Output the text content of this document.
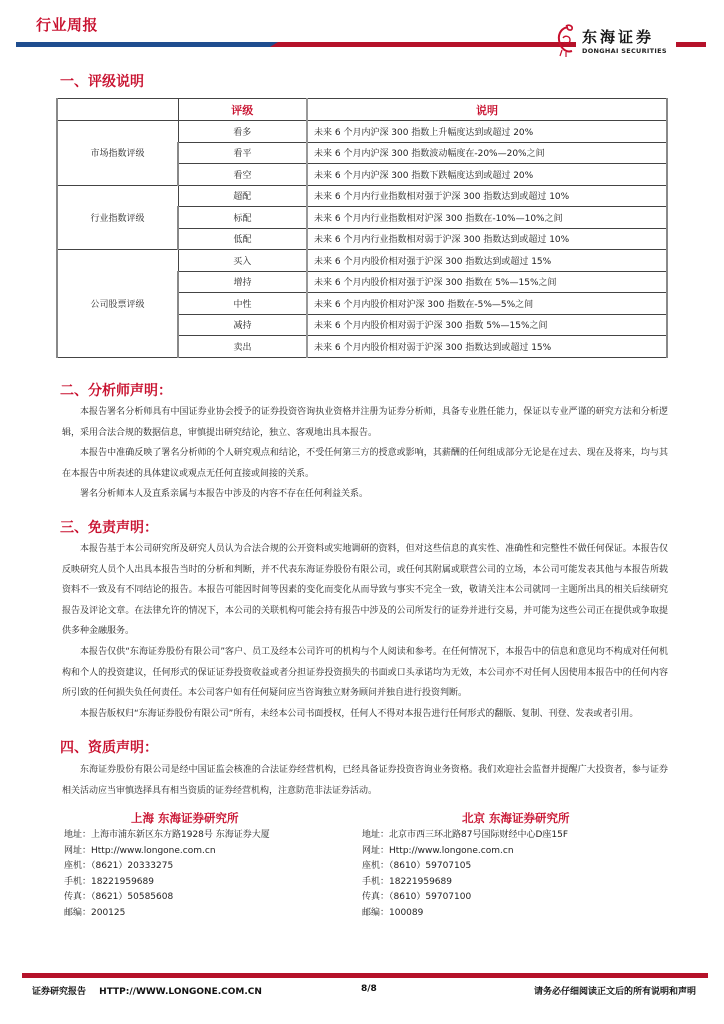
行业周报
东海证券
DONGHAI SECURITIES
一、评级说明
	评级	说明
市场指数评级	看多	未来 6 个月内沪深 300 指数上升幅度达到或超过 20%
	看平	未来 6 个月内沪深 300 指数波动幅度在-20%—20%之间
	看空	未来 6 个月内沪深 300 指数下跌幅度达到或超过 20%
行业指数评级	超配	未来 6 个月内行业指数相对强于沪深 300 指数达到或超过 10%
	标配	未来 6 个月内行业指数相对沪深 300 指数在-10%—10%之间
	低配	未来 6 个月内行业指数相对弱于沪深 300 指数达到或超过 10%
公司股票评级	买入	未来 6 个月内股价相对强于沪深 300 指数达到或超过 15%
	增持	未来 6 个月内股价相对强于沪深 300 指数在 5%—15%之间
	中性	未来 6 个月内股价相对沪深 300 指数在-5%—5%之间
	减持	未来 6 个月内股价相对弱于沪深 300 指数 5%—15%之间
	卖出	未来 6 个月内股价相对弱于沪深 300 指数达到或超过 15%
二、分析师声明：

本报告署名分析师具有中国证券业协会授予的证券投资咨询执业资格并注册为证券分析师，具备专业胜任能力，保证以专业严谨的研究方法和分析逻辑，采用合法合规的数据信息，审慎提出研究结论，独立、客观地出具本报告。

本报告中准确反映了署名分析师的个人研究观点和结论，不受任何第三方的授意或影响，其薪酬的任何组成部分无论是在过去、现在及将来，均与其在本报告中所表述的具体建议或观点无任何直接或间接的关系。

署名分析师本人及直系亲属与本报告中涉及的内容不存在任何利益关系。

三、免责声明：

本报告基于本公司研究所及研究人员认为合法合规的公开资料或实地调研的资料，但对这些信息的真实性、准确性和完整性不做任何保证。本报告仅反映研究人员个人出具本报告当时的分析和判断，并不代表东海证券股份有限公司，或任何其附属或联营公司的立场，本公司可能发表其他与本报告所载资料不一致及有不同结论的报告。本报告可能因时间等因素的变化而变化从而导致与事实不完全一致，敬请关注本公司就同一主题所出具的相关后续研究报告及评论文章。在法律允许的情况下，本公司的关联机构可能会持有报告中涉及的公司所发行的证券并进行交易，并可能为这些公司正在提供或争取提供多种金融服务。

本报告仅供“东海证券股份有限公司”客户、员工及经本公司许可的机构与个人阅读和参考。在任何情况下，本报告中的信息和意见均不构成对任何机构和个人的投资建议，任何形式的保证证券投资收益或者分担证券投资损失的书面或口头承诺均为无效，本公司亦不对任何人因使用本报告中的任何内容所引致的任何损失负任何责任。本公司客户如有任何疑问应当咨询独立财务顾问并独自进行投资判断。

本报告版权归“东海证券股份有限公司”所有，未经本公司书面授权，任何人不得对本报告进行任何形式的翻版、复制、刊登、发表或者引用。

四、资质声明：

东海证券股份有限公司是经中国证监会核准的合法证券经营机构，已经具备证券投资咨询业务资格。我们欢迎社会监督并提醒广大投资者，参与证券相关活动应当审慎选择具有相当资质的证券经营机构，注意防范非法证券活动。

上海 东海证券研究所
地址：上海市浦东新区东方路1928号 东海证券大厦
网址：Http://www.longone.com.cn
座机：（8621）20333275
手机：18221959689
传真：（8621）50585608
邮编：200125
北京 东海证券研究所
地址：北京市西三环北路87号国际财经中心D座15F
网址：Http://www.longone.com.cn
座机：（8610）59707105
手机：18221959689
传真：（8610）59707100
邮编：100089
证券研究报告 HTTP://WWW.LONGONE.COM.CN	8/8	请务必仔细阅读正文后的所有说明和声明
